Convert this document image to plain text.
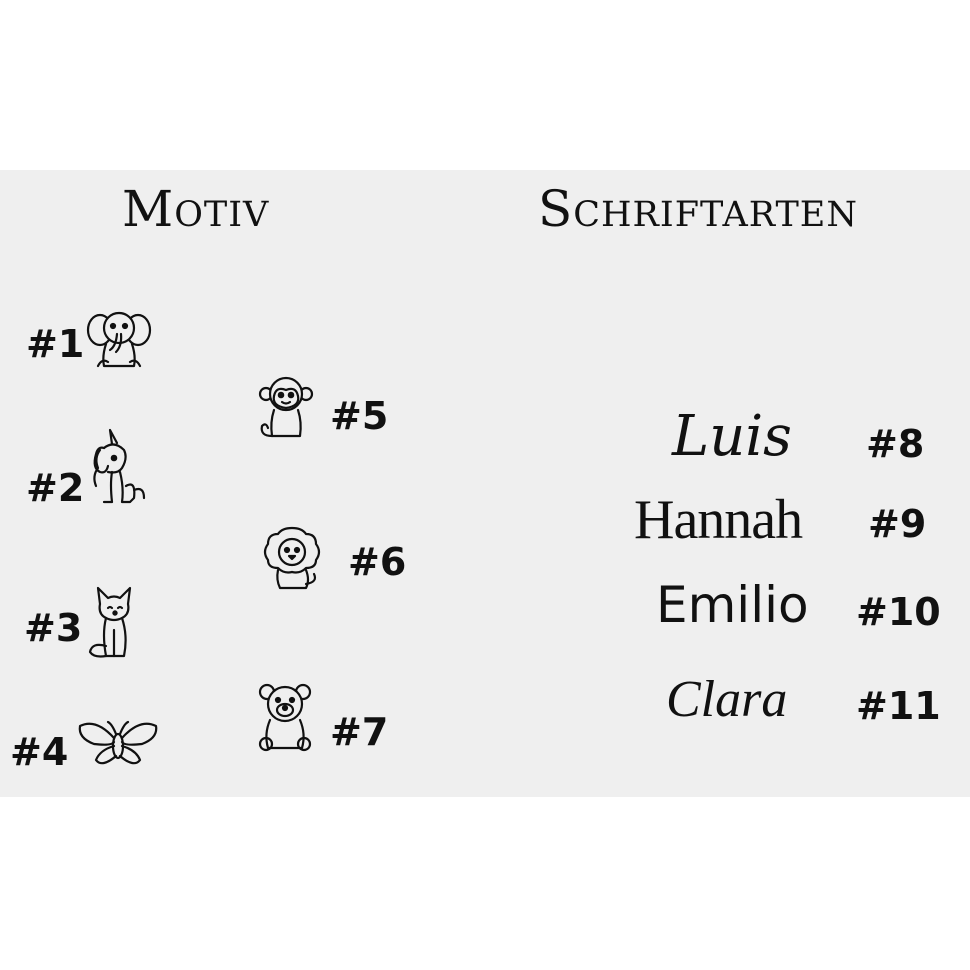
Motiv	Schriftarten
#1
#2
#3
#4
#5
#6
#7
Luis #8
Hannah #9
Emilio #10
Clara #11
